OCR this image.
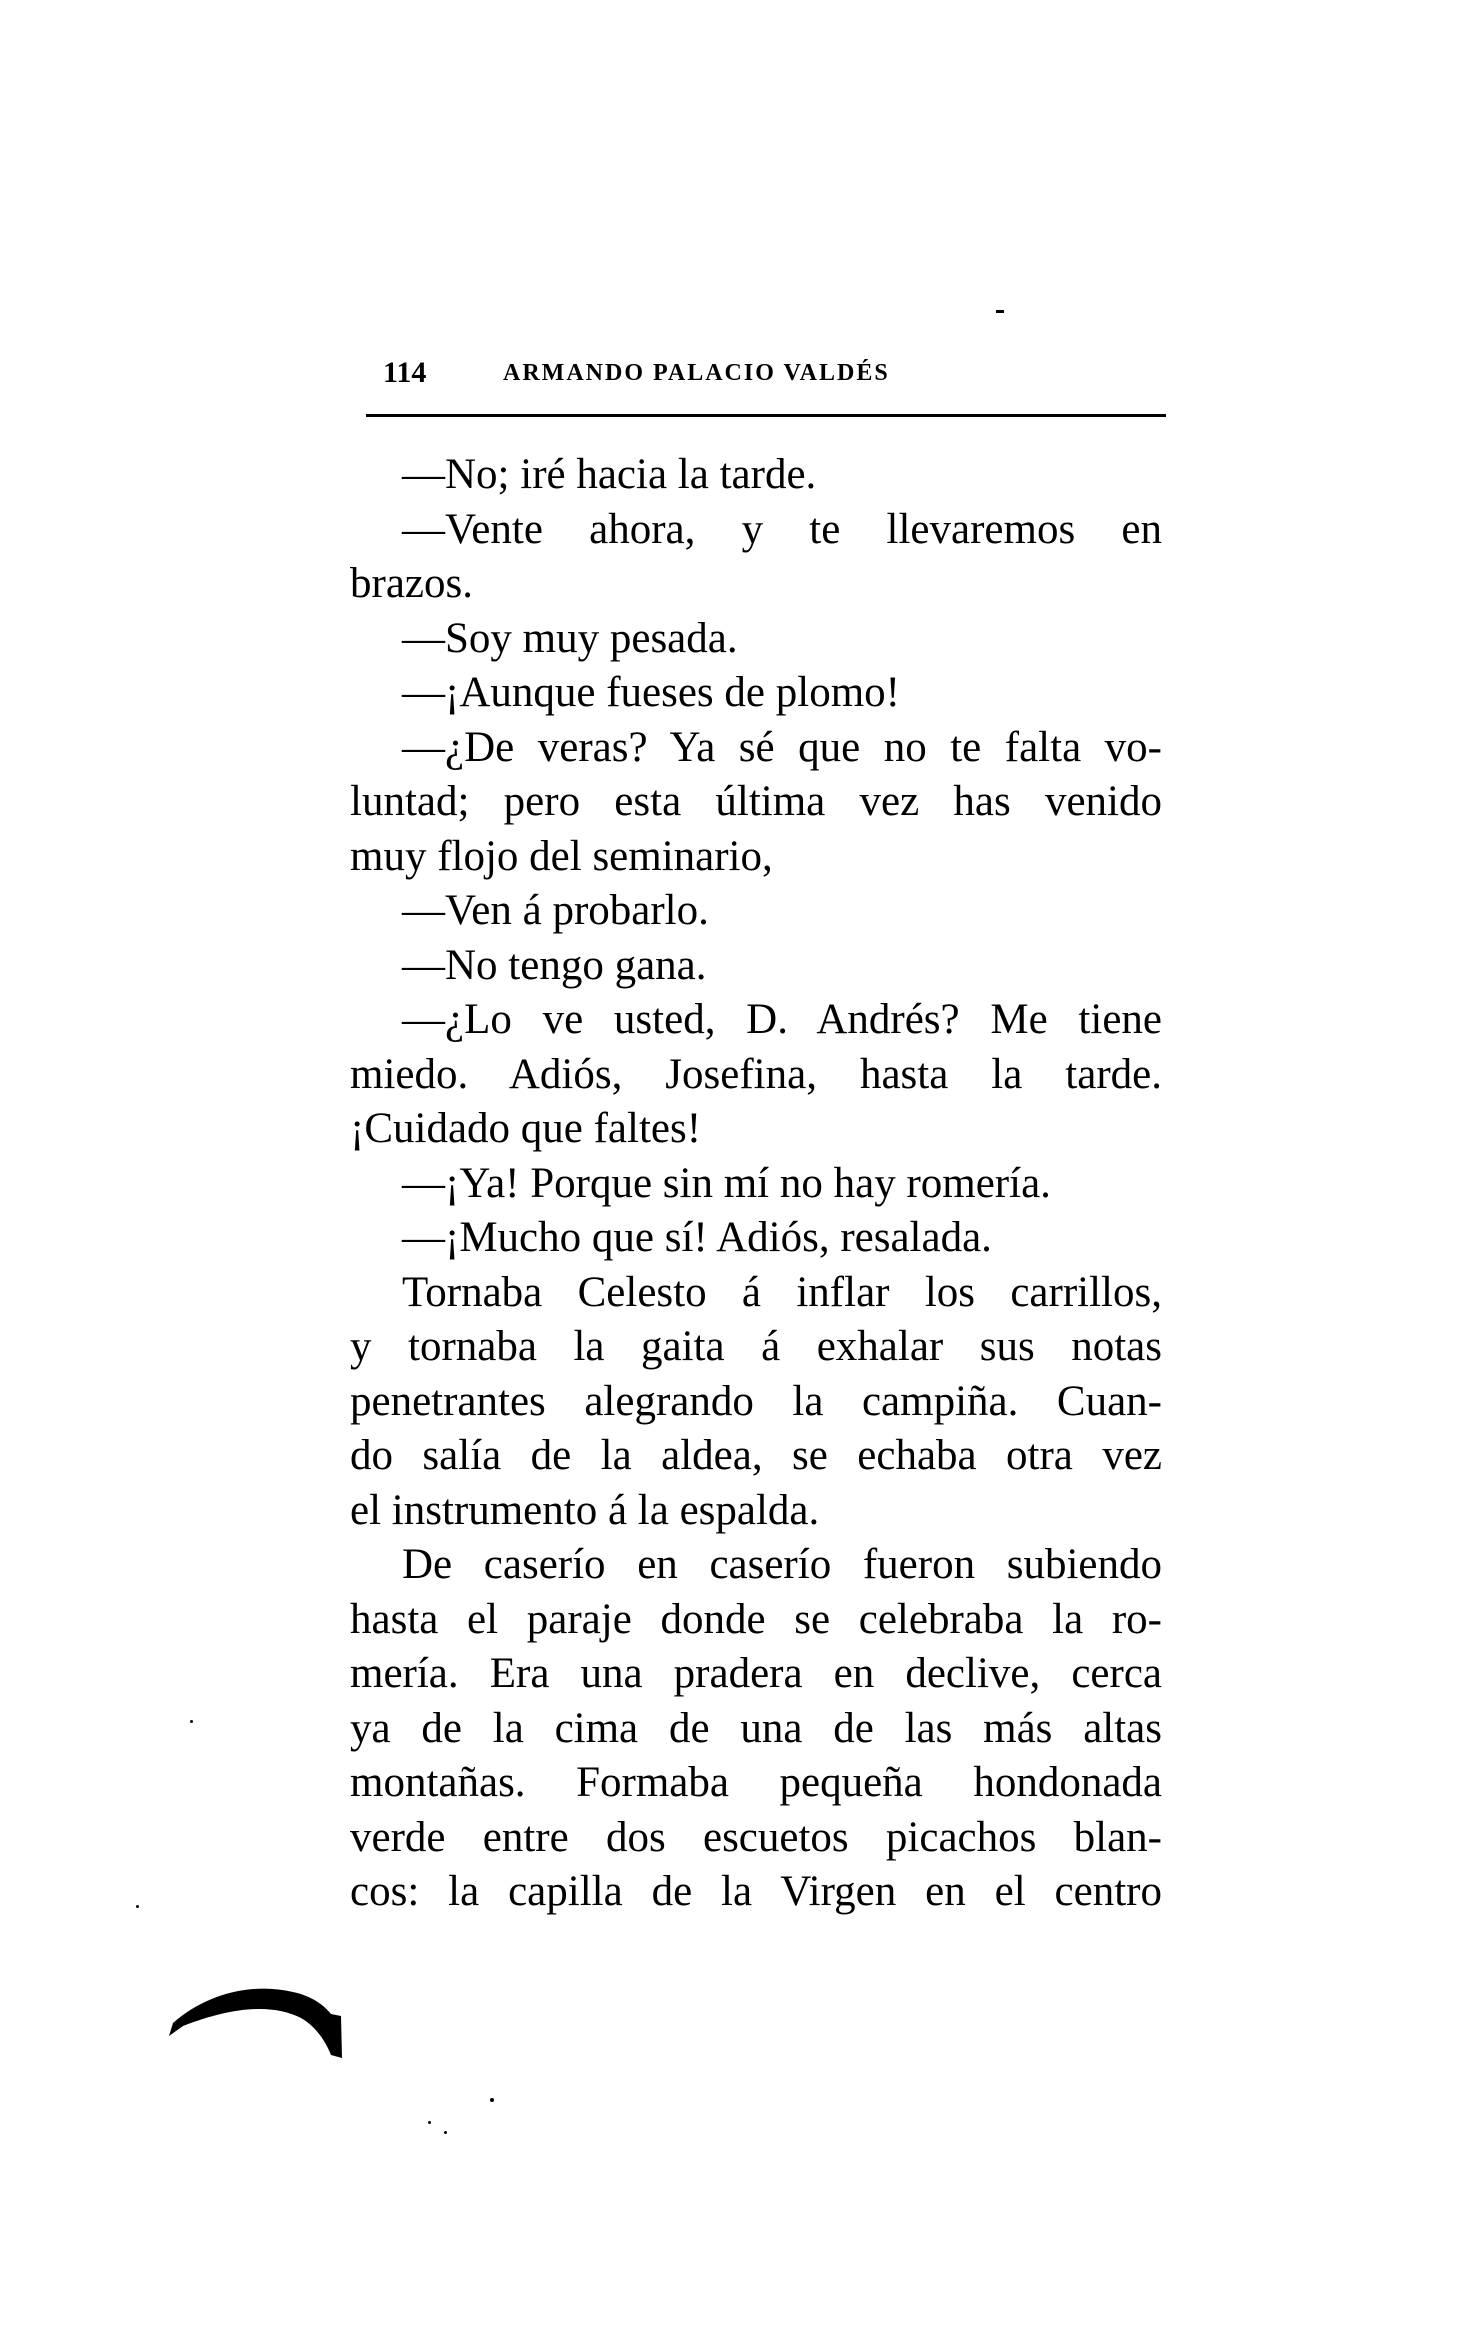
114	ARMANDO PALACIO VALDÉS
—No; iré hacia la tarde.
—Vente ahora, y te llevaremos en
brazos.
—Soy muy pesada.
—¡Aunque fueses de plomo!
—¿De veras? Ya sé que no te falta vo-
luntad; pero esta última vez has venido
muy flojo del seminario,
—Ven á probarlo.
—No tengo gana.
—¿Lo ve usted, D. Andrés? Me tiene
miedo. Adiós, Josefina, hasta la tarde.
¡Cuidado que faltes!
—¡Ya! Porque sin mí no hay romería.
—¡Mucho que sí! Adiós, resalada.
Tornaba Celesto á inflar los carrillos,
y tornaba la gaita á exhalar sus notas
penetrantes alegrando la campiña. Cuan-
do salía de la aldea, se echaba otra vez
el instrumento á la espalda.
De caserío en caserío fueron subiendo
hasta el paraje donde se celebraba la ro-
mería. Era una pradera en declive, cerca
ya de la cima de una de las más altas
montañas. Formaba pequeña hondonada
verde entre dos escuetos picachos blan-
cos: la capilla de la Virgen en el centro
